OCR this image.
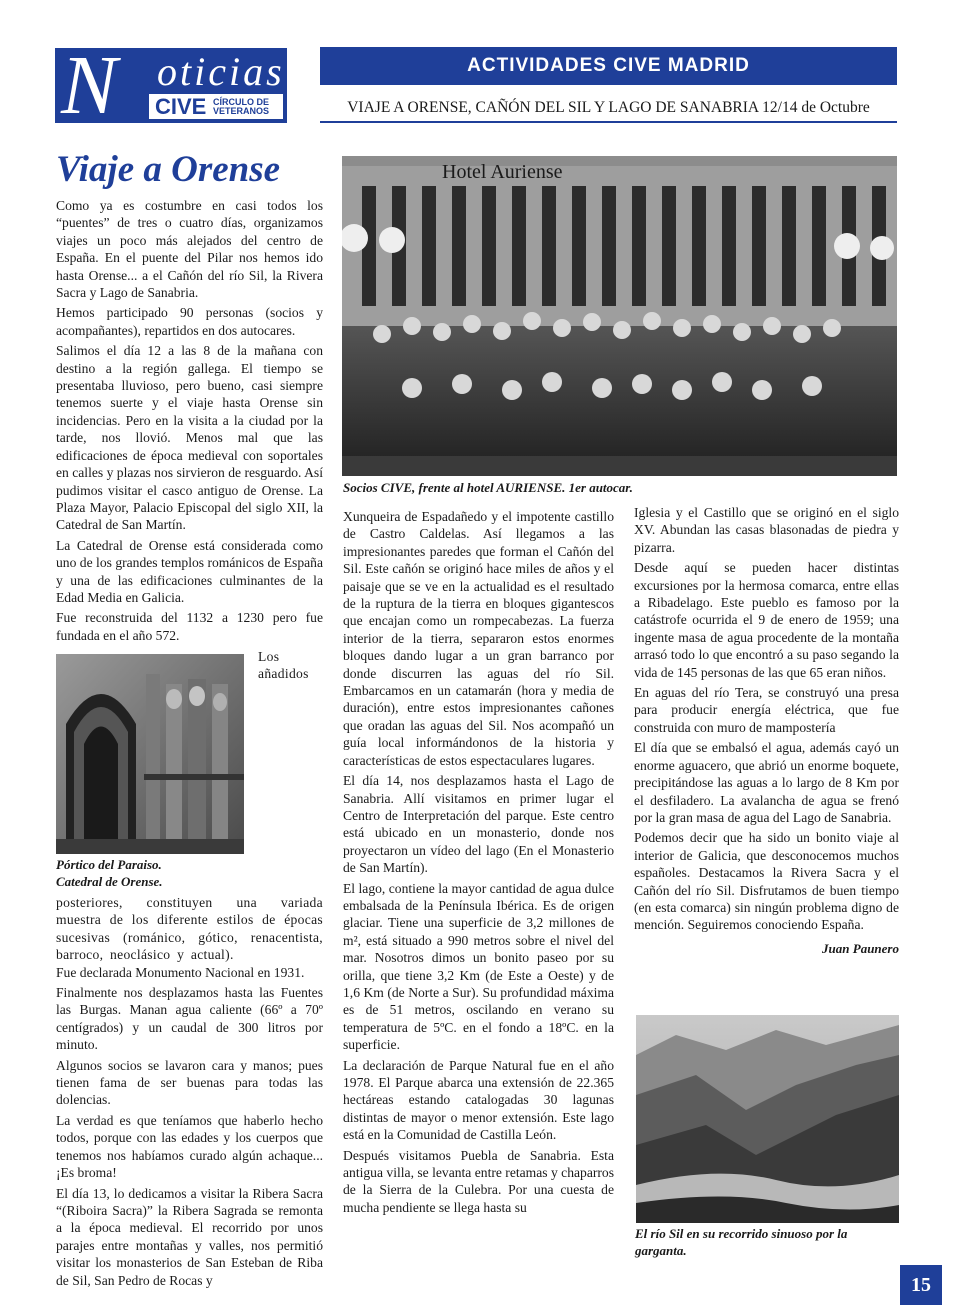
N oticias
CIVE CÍRCULO DE
VETERANOS
ACTIVIDADES CIVE MADRID
VIAJE A ORENSE, CAÑÓN DEL SIL Y LAGO DE SANABRIA 12/14 de Octubre
Viaje a Orense

Como ya es costumbre en casi todos los “puentes” de tres o cuatro días, organizamos viajes un poco más alejados del centro de España. En el puente del Pilar nos hemos ido hasta Orense... a el Cañón del río Sil, la Rivera Sacra y Lago de Sanabria.

Hemos participado 90 personas (socios y acompañantes), repartidos en dos autocares.

Salimos el día 12 a las 8 de la mañana con destino a la región gallega. El tiempo se presentaba lluvioso, pero bueno, casi siempre tenemos suerte y el viaje hasta Orense sin incidencias. Pero en la visita a la ciudad por la tarde, nos llovió. Menos mal que las edificaciones de época medieval con soportales en calles y plazas nos sirvieron de resguardo. Así pudimos visitar el casco antiguo de Orense. La Plaza Mayor, Palacio Episcopal del siglo XII, la Catedral de San Martín.

La Catedral de Orense está considerada como uno de los grandes templos románicos de España y una de las edificaciones culminantes de la Edad Media en Galicia.

Fue reconstruida del 1132 a 1230 pero fue fundada en el año 572.

Pórtico del Paraiso.
Catedral de Orense.
Los añadidos posteriores, constituyen una variada muestra de los diferente estilos de épocas sucesivas (románico, gótico, renacentista, barroco, neoclásico y actual).

Fue declarada Monumento Nacional en 1931.

Finalmente nos desplazamos hasta las Fuentes las Burgas. Manan agua caliente (66º a 70º centígrados) y un caudal de 300 litros por minuto.

Algunos socios se lavaron cara y manos; pues tienen fama de ser buenas para todas las dolencias.

La verdad es que teníamos que haberlo hecho todos, porque con las edades y los cuerpos que tenemos nos habíamos curado algún achaque... ¡Es broma!

El día 13, lo dedicamos a visitar la Ribera Sacra “(Riboira Sacra)” la Ribera Sagrada se remonta a la época medieval. El recorrido por unos parajes entre montañas y valles, nos permitió visitar los monasterios de San Esteban de Riba de Sil, San Pedro de Rocas y

Hotel Auriense
Socios CIVE, frente al hotel AURIENSE. 1er autocar.

Xunqueira de Espadañedo y el impotente castillo de Castro Caldelas. Así llegamos a las impresionantes paredes que forman el Cañón del Sil. Este cañón se originó hace miles de años y el paisaje que se ve en la actualidad es el resultado de la ruptura de la tierra en bloques gigantescos que encajan como un rompecabezas. La fuerza interior de la tierra, separaron estos enormes bloques dando lugar a un gran barranco por donde discurren las aguas del río Sil. Embarcamos en un catamarán (hora y media de duración), entre estos impresionantes cañones que oradan las aguas del Sil. Nos acompañó un guía local informándonos de la historia y características de estos espectaculares lugares.

El día 14, nos desplazamos hasta el Lago de Sanabria. Allí visitamos en primer lugar el Centro de Interpretación del parque. Este centro está ubicado en un monasterio, donde nos proyectaron un vídeo del lago (En el Monasterio de San Martín).

El lago, contiene la mayor cantidad de agua dulce embalsada de la Península Ibérica. Es de origen glaciar. Tiene una superficie de 3,2 millones de m², está situado a 990 metros sobre el nivel del mar. Nosotros dimos un bonito paseo por su orilla, que tiene 3,2 Km (de Este a Oeste) y de 1,6 Km (de Norte a Sur). Su profundidad máxima es de 51 metros, oscilando en verano su temperatura de 5ºC. en el fondo a 18ºC. en la superficie.

La declaración de Parque Natural fue en el año 1978. El Parque abarca una extensión de 22.365 hectáreas estando catalogadas 30 lagunas distintas de mayor o menor extensión. Este lago está en la Comunidad de Castilla León.

Después visitamos Puebla de Sanabria. Esta antigua villa, se levanta entre retamas y chaparros de la Sierra de la Culebra. Por una cuesta de mucha pendiente se llega hasta su

Iglesia y el Castillo que se originó en el siglo XV. Abundan las casas blasonadas de piedra y pizarra.

Desde aquí se pueden hacer distintas excursiones por la hermosa comarca, entre ellas a Ribadelago. Este pueblo es famoso por la catástrofe ocurrida el 9 de enero de 1959; una ingente masa de agua procedente de la montaña arrasó todo lo que encontró a su paso segando la vida de 145 personas de las que 65 eran niños.

En aguas del río Tera, se construyó una presa para producir energía eléctrica, que fue construida con muro de mampostería

El día que se embalsó el agua, además cayó un enorme aguacero, que abrió un enorme boquete, precipitándose las aguas a lo largo de 8 Km por el desfiladero. La avalancha de agua se frenó por la gran masa de agua del Lago de Sanabria.

Podemos decir que ha sido un bonito viaje al interior de Galicia, que desconocemos muchos españoles. Destacamos la Rivera Sacra y el Cañón del río Sil. Disfrutamos de buen tiempo (en esta comarca) sin ningún problema digno de mención. Seguiremos conociendo España.

Juan Paunero
El río Sil en su recorrido sinuoso por la garganta.
15
